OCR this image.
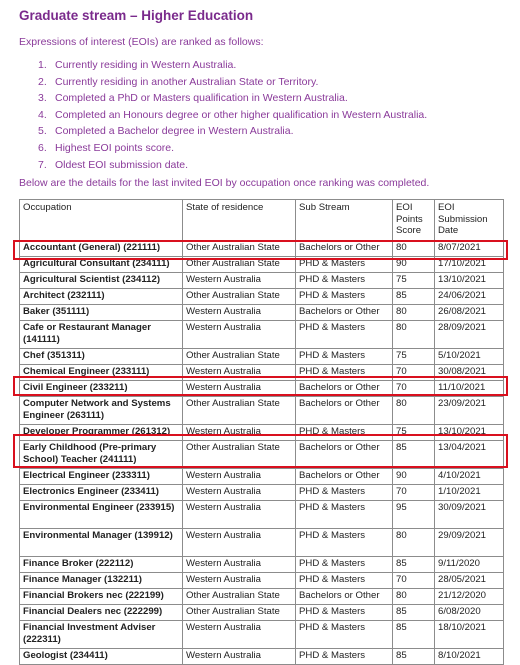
Graduate stream – Higher Education
Expressions of interest (EOIs) are ranked as follows:
1. Currently residing in Western Australia.
2. Currently residing in another Australian State or Territory.
3. Completed a PhD or Masters qualification in Western Australia.
4. Completed an Honours degree or other higher qualification in Western Australia.
5. Completed a Bachelor degree in Western Australia.
6. Highest EOI points score.
7. Oldest EOI submission date.
Below are the details for the last invited EOI by occupation once ranking was completed.
Occupation	State of residence	Sub Stream	EOI Points Score	EOI Submission Date
Accountant (General) (221111)	Other Australian State	Bachelors or Other	80	8/07/2021
Agricultural Consultant (234111)	Other Australian State	PHD & Masters	90	17/10/2021
Agricultural Scientist (234112)	Western Australia	PHD & Masters	75	13/10/2021
Architect (232111)	Other Australian State	PHD & Masters	85	24/06/2021
Baker (351111)	Western Australia	Bachelors or Other	80	26/08/2021
Cafe or Restaurant Manager (141111)	Western Australia	PHD & Masters	80	28/09/2021
Chef (351311)	Other Australian State	PHD & Masters	75	5/10/2021
Chemical Engineer (233111)	Western Australia	PHD & Masters	70	30/08/2021
Civil Engineer (233211)	Western Australia	Bachelors or Other	70	11/10/2021
Computer Network and Systems Engineer (263111)	Other Australian State	Bachelors or Other	80	23/09/2021
Developer Programmer (261312)	Western Australia	PHD & Masters	75	13/10/2021
Early Childhood (Pre-primary School) Teacher (241111)	Other Australian State	Bachelors or Other	85	13/04/2021
Electrical Engineer (233311)	Western Australia	Bachelors or Other	90	4/10/2021
Electronics Engineer (233411)	Western Australia	PHD & Masters	70	1/10/2021
Environmental Engineer (233915)	Western Australia	PHD & Masters	95	30/09/2021
Environmental Manager (139912)	Western Australia	PHD & Masters	80	29/09/2021
Finance Broker (222112)	Western Australia	PHD & Masters	85	9/11/2020
Finance Manager (132211)	Western Australia	PHD & Masters	70	28/05/2021
Financial Brokers nec (222199)	Other Australian State	Bachelors or Other	80	21/12/2020
Financial Dealers nec (222299)	Other Australian State	PHD & Masters	85	6/08/2020
Financial Investment Adviser (222311)	Western Australia	PHD & Masters	85	18/10/2021
Geologist (234411)	Western Australia	PHD & Masters	85	8/10/2021
